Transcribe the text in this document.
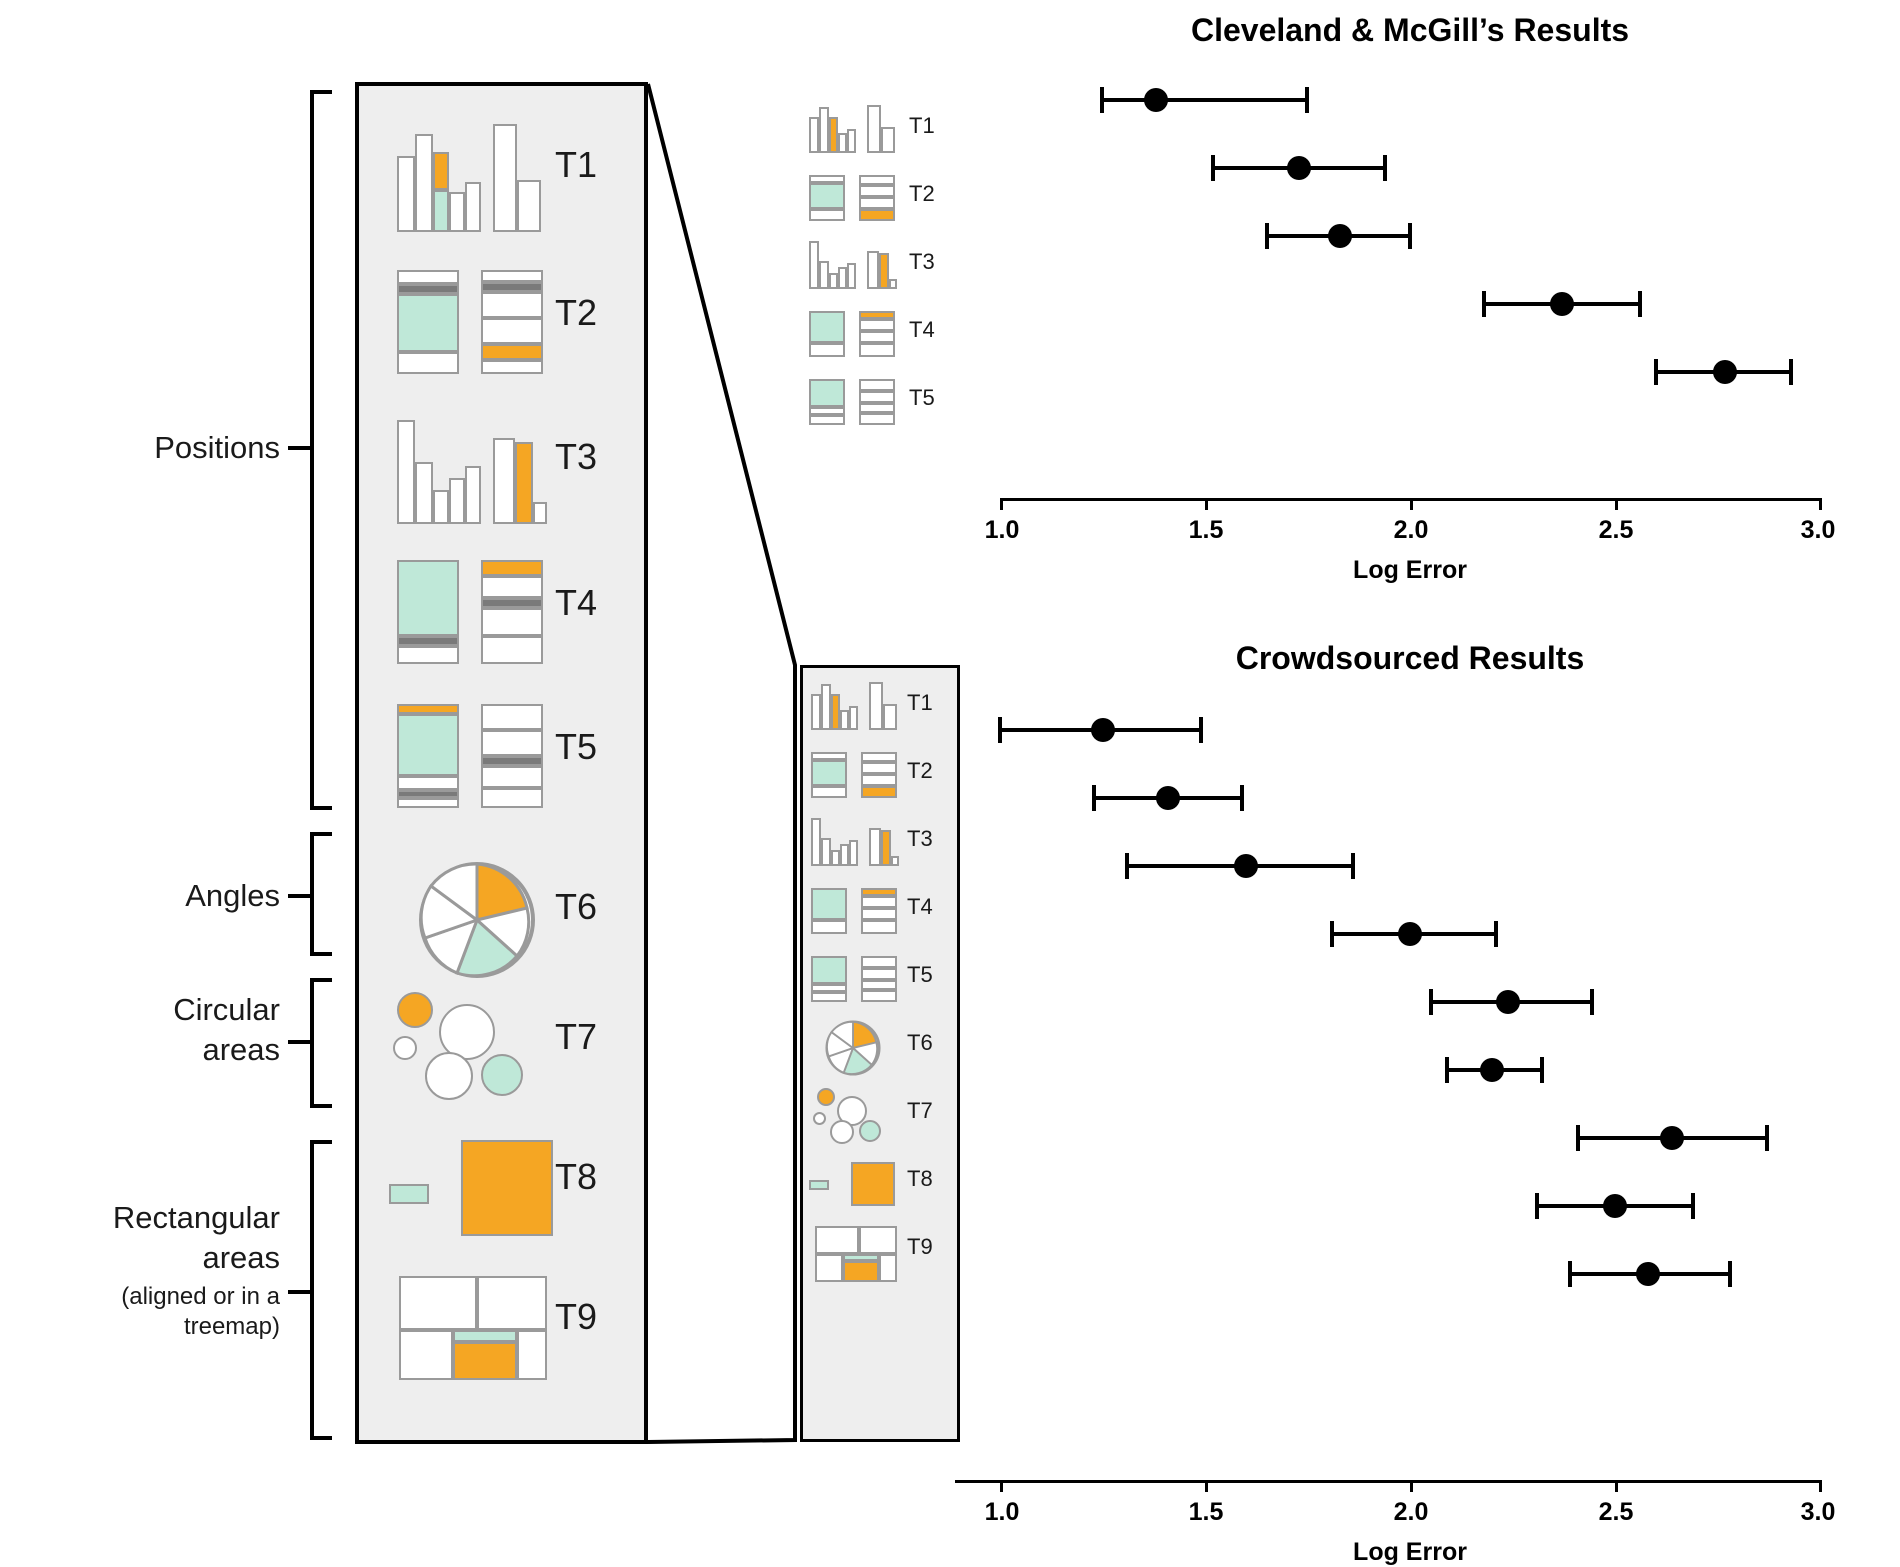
Positions
Angles
Circular
areas
Rectangular
areas
(aligned or in a
treemap)
T1
T2
T3
T4
T5
T6
T7
T8
T9
T1
T2
T3
T4
T5
T1
T2
T3
T4
T5
T6
T7
T8
T9
Cleveland & McGill’s Results
1.0	1.5	2.0	2.5	3.0
Log Error
Crowdsourced Results
1.0	1.5	2.0	2.5	3.0
Log Error
